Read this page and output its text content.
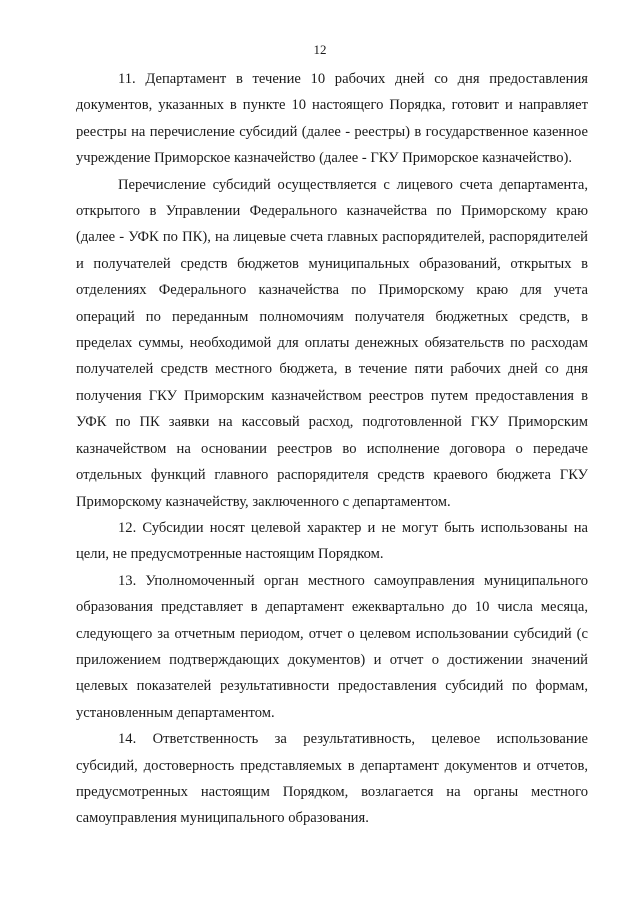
12

11. Департамент в течение 10 рабочих дней со дня предоставления документов, указанных в пункте 10 настоящего Порядка, готовит и направляет реестры на перечисление субсидий (далее - реестры) в государственное казенное учреждение Приморское казначейство (далее - ГКУ Приморское казначейство).

Перечисление субсидий осуществляется с лицевого счета департамента, открытого в Управлении Федерального казначейства по Приморскому краю (далее - УФК по ПК), на лицевые счета главных распорядителей, распорядителей и получателей средств бюджетов муниципальных образований, открытых в отделениях Федерального казначейства по Приморскому краю для учета операций по переданным полномочиям получателя бюджетных средств, в пределах суммы, необходимой для оплаты денежных обязательств по расходам получателей средств местного бюджета, в течение пяти рабочих дней со дня получения ГКУ Приморским казначейством реестров путем предоставления в УФК по ПК заявки на кассовый расход, подготовленной ГКУ Приморским казначейством на основании реестров во исполнение договора о передаче отдельных функций главного распорядителя средств краевого бюджета ГКУ Приморскому казначейству, заключенного с департаментом.

12. Субсидии носят целевой характер и не могут быть использованы на цели, не предусмотренные настоящим Порядком.

13. Уполномоченный орган местного самоуправления муниципального образования представляет в департамент ежеквартально до 10 числа месяца, следующего за отчетным периодом, отчет о целевом использовании субсидий (с приложением подтверждающих документов) и отчет о достижении значений целевых показателей результативности предоставления субсидий по формам, установленным департаментом.

14. Ответственность за результативность, целевое использование субсидий, достоверность представляемых в департамент документов и отчетов, предусмотренных настоящим Порядком, возлагается на органы местного самоуправления муниципального образования.
